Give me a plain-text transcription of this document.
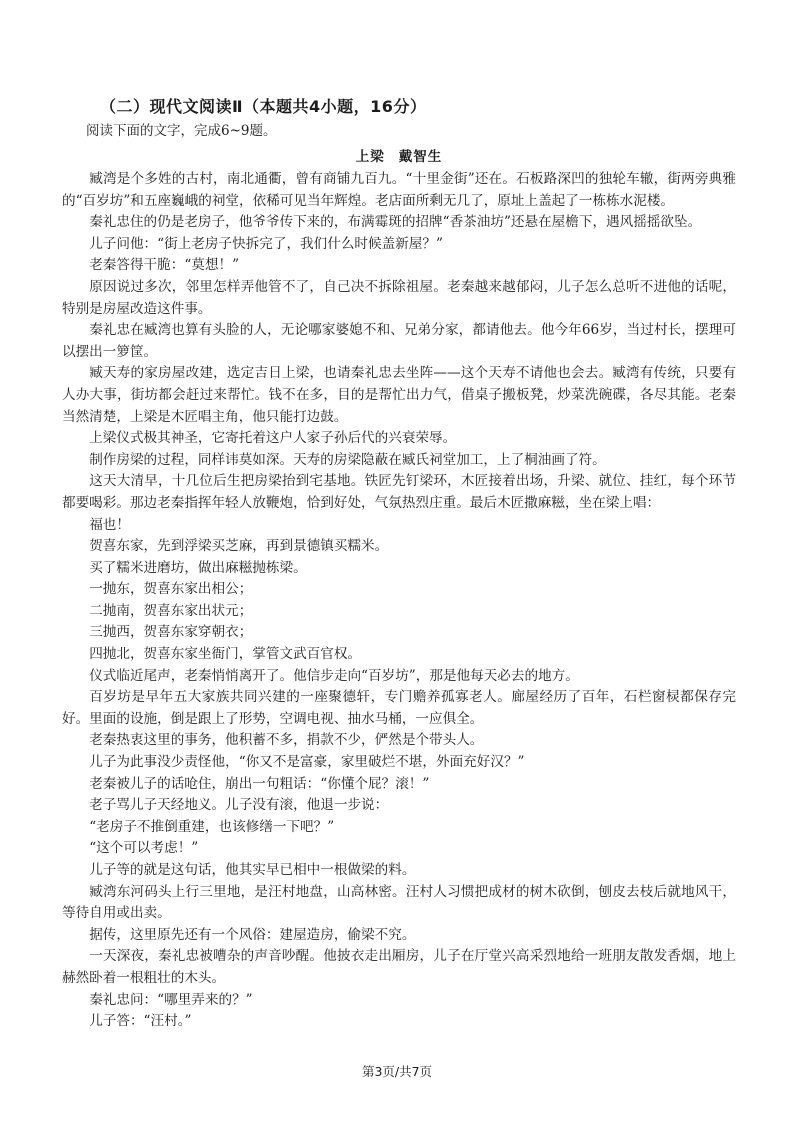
（二）现代文阅读Ⅱ（本题共4小题，16分）
阅读下面的文字，完成6~9题。
上梁 戴智生

臧湾是个多姓的古村，南北通衢，曾有商铺九百九。“十里金街”还在。石板路深凹的独轮车辙，街两旁典雅的“百岁坊”和五座巍峨的祠堂，依稀可见当年辉煌。老店面所剩无几了，原址上盖起了一栋栋水泥楼。

秦礼忠住的仍是老房子，他爷爷传下来的，布满霉斑的招牌“香茶油坊”还悬在屋檐下，遇风摇摇欲坠。

儿子问他：“街上老房子快拆完了，我们什么时候盖新屋？”

老秦答得干脆：“莫想！”

原因说过多次，邻里怎样弄他管不了，自己决不拆除祖屋。老秦越来越郁闷，儿子怎么总听不进他的话呢，特别是房屋改造这件事。

秦礼忠在臧湾也算有头脸的人，无论哪家婆媳不和、兄弟分家，都请他去。他今年66岁，当过村长，摆理可以摆出一箩筐。

臧天寿的家房屋改建，选定吉日上梁，也请秦礼忠去坐阵——这个天寿不请他也会去。臧湾有传统，只要有人办大事，街坊都会赶过来帮忙。钱不在多，目的是帮忙出力气，借桌子搬板凳，炒菜洗碗碟，各尽其能。老秦当然清楚，上梁是木匠唱主角，他只能打边鼓。

上梁仪式极其神圣，它寄托着这户人家子孙后代的兴衰荣辱。

制作房梁的过程，同样讳莫如深。天寿的房梁隐蔽在臧氏祠堂加工，上了桐油画了符。

这天大清早，十几位后生把房梁抬到宅基地。铁匠先钉梁环，木匠接着出场，升梁、就位、挂红，每个环节都要喝彩。那边老秦指挥年轻人放鞭炮，恰到好处，气氛热烈庄重。最后木匠撒麻糍，坐在梁上唱：

福也！

贺喜东家，先到浮梁买芝麻，再到景德镇买糯米。

买了糯米进磨坊，做出麻糍抛栋梁。

一抛东，贺喜东家出相公；

二抛南，贺喜东家出状元；

三抛西，贺喜东家穿朝衣；

四抛北，贺喜东家坐衙门，掌管文武百官权。

仪式临近尾声，老秦悄悄离开了。他信步走向“百岁坊”，那是他每天必去的地方。

百岁坊是早年五大家族共同兴建的一座聚德轩，专门赡养孤寡老人。廊屋经历了百年，石栏窗棂都保存完好。里面的设施，倒是跟上了形势，空调电视、抽水马桶，一应俱全。

老秦热衷这里的事务，他积蓄不多，捐款不少，俨然是个带头人。

儿子为此事没少责怪他，“你又不是富豪，家里破烂不堪，外面充好汉？”

老秦被儿子的话呛住，崩出一句粗话：“你懂个屁？滚！”

老子骂儿子天经地义。儿子没有滚，他退一步说：

“老房子不推倒重建，也该修缮一下吧？”

“这个可以考虑！”

儿子等的就是这句话，他其实早已相中一根做梁的料。

臧湾东河码头上行三里地，是汪村地盘，山高林密。汪村人习惯把成材的树木砍倒，刨皮去枝后就地风干，等待自用或出卖。

据传，这里原先还有一个风俗：建屋造房，偷梁不究。

一天深夜，秦礼忠被嘈杂的声音吵醒。他披衣走出厢房，儿子在厅堂兴高采烈地给一班朋友散发香烟，地上赫然卧着一根粗壮的木头。

秦礼忠问：“哪里弄来的？”

儿子答：“汪村。”

第3页/共7页
